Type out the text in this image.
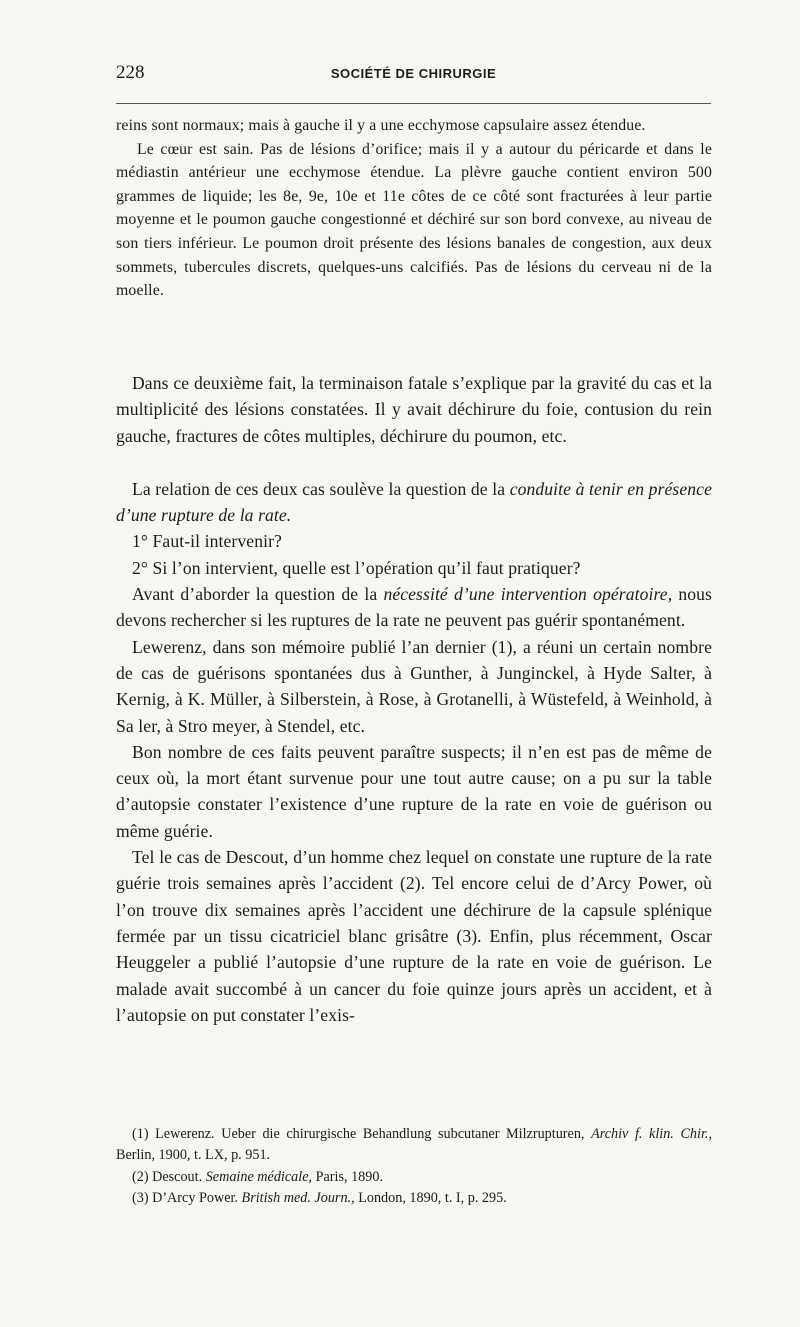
228	SOCIÉTÉ DE CHIRURGIE

reins sont normaux; mais à gauche il y a une ecchymose capsulaire assez étendue.

Le cœur est sain. Pas de lésions d’orifice; mais il y a autour du péricarde et dans le médiastin antérieur une ecchymose étendue. La plèvre gauche contient environ 500 grammes de liquide; les 8e, 9e, 10e et 11e côtes de ce côté sont fracturées à leur partie moyenne et le poumon gauche congestionné et déchiré sur son bord convexe, au niveau de son tiers inférieur. Le poumon droit présente des lésions banales de congestion, aux deux sommets, tubercules discrets, quelques-uns calcifiés. Pas de lésions du cerveau ni de la moelle.

Dans ce deuxième fait, la terminaison fatale s’explique par la gravité du cas et la multiplicité des lésions constatées. Il y avait déchirure du foie, contusion du rein gauche, fractures de côtes multiples, déchirure du poumon, etc.

La relation de ces deux cas soulève la question de la conduite à tenir en présence d’une rupture de la rate.

1° Faut-il intervenir?

2° Si l’on intervient, quelle est l’opération qu’il faut pratiquer?

Avant d’aborder la question de la nécessité d’une intervention opératoire, nous devons rechercher si les ruptures de la rate ne peuvent pas guérir spontanément.

Lewerenz, dans son mémoire publié l’an dernier (1), a réuni un certain nombre de cas de guérisons spontanées dus à Gunther, à Junginckel, à Hyde Salter, à Kernig, à K. Müller, à Silberstein, à Rose, à Grotanelli, à Wüstefeld, à Weinhold, à Sa ler, à Stro meyer, à Stendel, etc.

Bon nombre de ces faits peuvent paraître suspects; il n’en est pas de même de ceux où, la mort étant survenue pour une tout autre cause; on a pu sur la table d’autopsie constater l’existence d’une rupture de la rate en voie de guérison ou même guérie.

Tel le cas de Descout, d’un homme chez lequel on constate une rupture de la rate guérie trois semaines après l’accident (2). Tel encore celui de d’Arcy Power, où l’on trouve dix semaines après l’accident une déchirure de la capsule splénique fermée par un tissu cicatriciel blanc grisâtre (3). Enfin, plus récemment, Oscar Heuggeler a publié l’autopsie d’une rupture de la rate en voie de guérison. Le malade avait succombé à un cancer du foie quinze jours après un accident, et à l’autopsie on put constater l’exis-

(1) Lewerenz. Ueber die chirurgische Behandlung subcutaner Milzrupturen, Archiv f. klin. Chir., Berlin, 1900, t. LX, p. 951.

(2) Descout. Semaine médicale, Paris, 1890.

(3) D’Arcy Power. British med. Journ., London, 1890, t. I, p. 295.
